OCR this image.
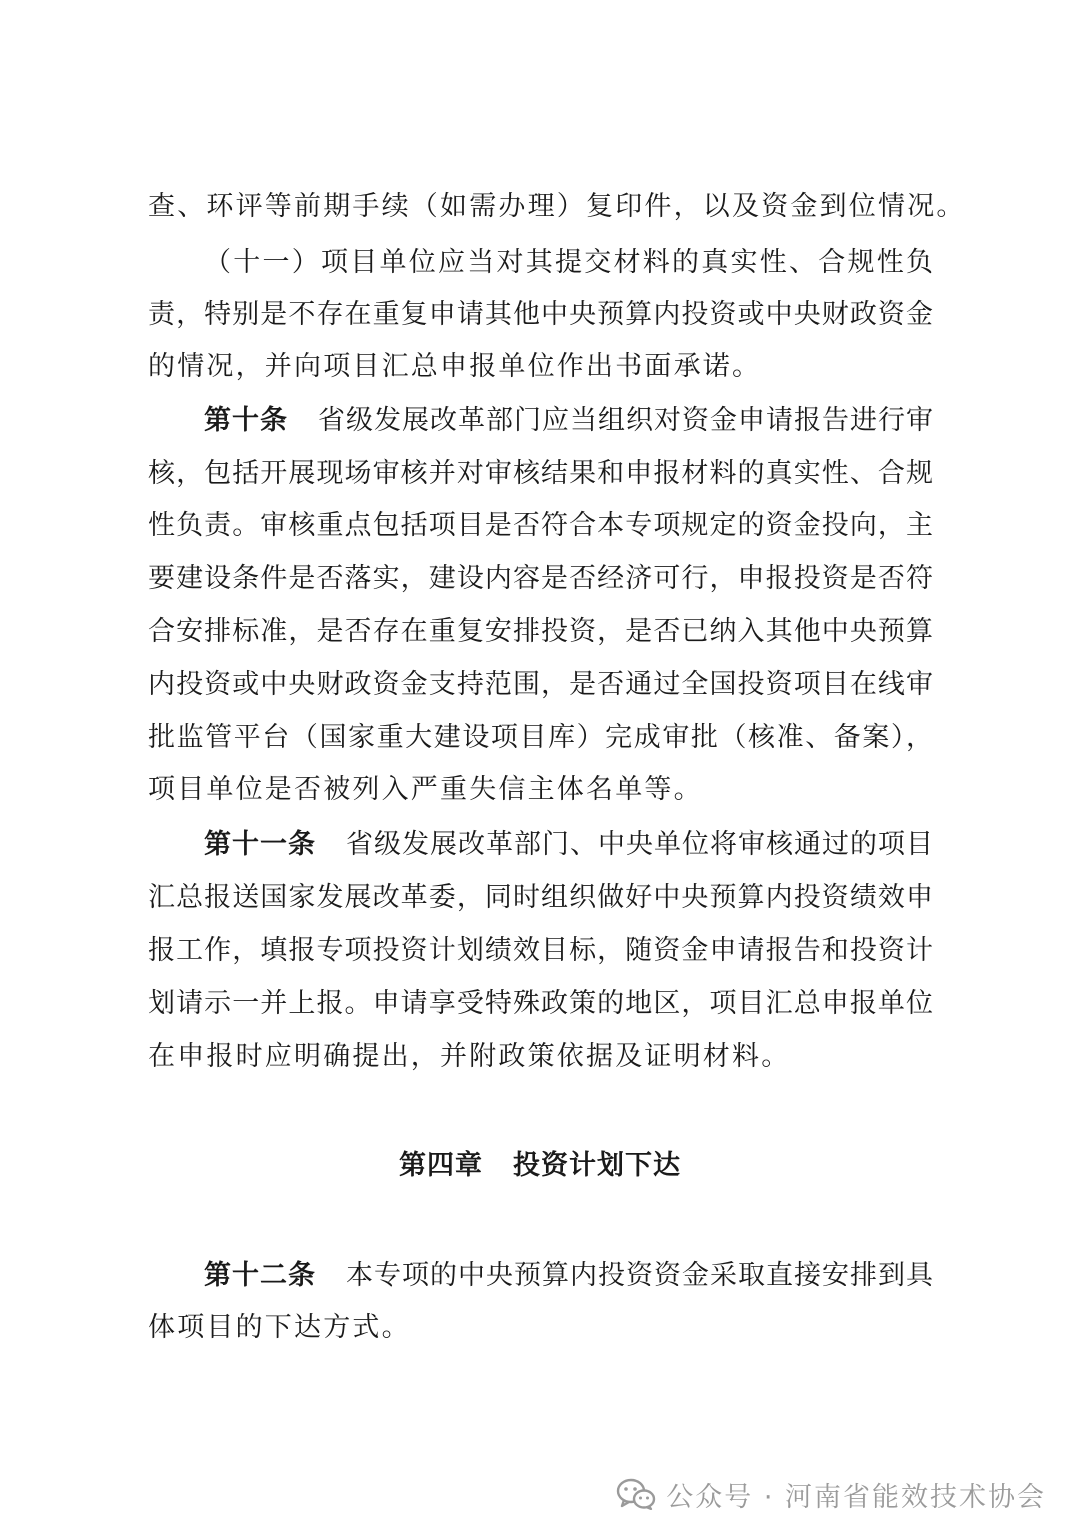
查、环评等前期手续（如需办理）复印件，以及资金到位情况。
（十一）项目单位应当对其提交材料的真实性、合规性负
责，特别是不存在重复申请其他中央预算内投资或中央财政资金
的情况，并向项目汇总申报单位作出书面承诺。
第十条 省级发展改革部门应当组织对资金申请报告进行审
核，包括开展现场审核并对审核结果和申报材料的真实性、合规
性负责。审核重点包括项目是否符合本专项规定的资金投向，主
要建设条件是否落实，建设内容是否经济可行，申报投资是否符
合安排标准，是否存在重复安排投资，是否已纳入其他中央预算
内投资或中央财政资金支持范围，是否通过全国投资项目在线审
批监管平台（国家重大建设项目库）完成审批（核准、备案），
项目单位是否被列入严重失信主体名单等。
第十一条 省级发展改革部门、中央单位将审核通过的项目
汇总报送国家发展改革委，同时组织做好中央预算内投资绩效申
报工作，填报专项投资计划绩效目标，随资金申请报告和投资计
划请示一并上报。申请享受特殊政策的地区，项目汇总申报单位
在申报时应明确提出，并附政策依据及证明材料。
第四章 投资计划下达
第十二条 本专项的中央预算内投资资金采取直接安排到具
体项目的下达方式。
公众号 · 河南省能效技术协会
